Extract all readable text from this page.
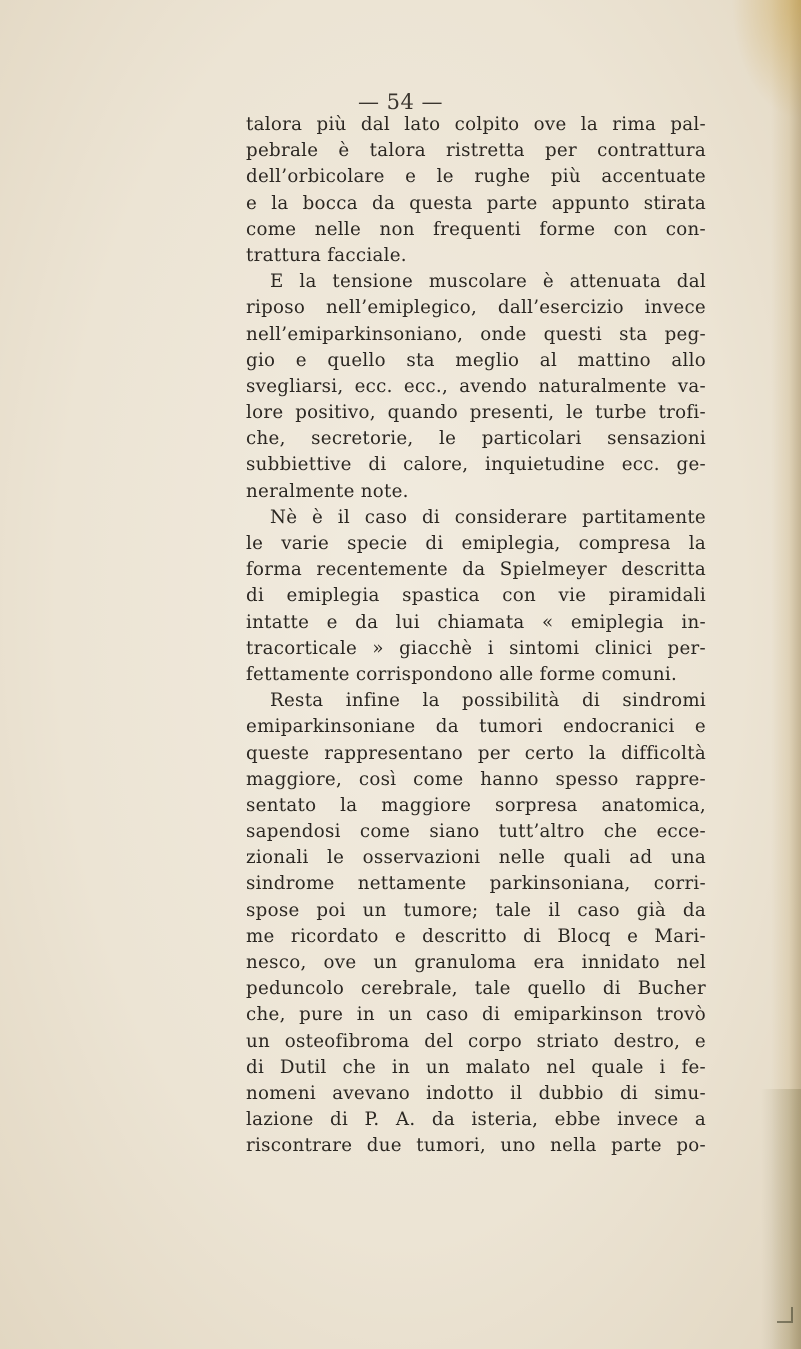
— 54 —
talora più dal lato colpito ove la rima pal-
pebrale è talora ristretta per contrattura
dell’orbicolare e le rughe più accentuate
e la bocca da questa parte appunto stirata
come nelle non frequenti forme con con-
trattura facciale.
E la tensione muscolare è attenuata dal
riposo nell’emiplegico, dall’esercizio invece
nell’emiparkinsoniano, onde questi sta peg-
gio e quello sta meglio al mattino allo
svegliarsi, ecc. ecc., avendo naturalmente va-
lore positivo, quando presenti, le turbe trofi-
che, secretorie, le particolari sensazioni
subbiettive di calore, inquietudine ecc. ge-
neralmente note.
Nè è il caso di considerare partitamente
le varie specie di emiplegia, compresa la
forma recentemente da Spielmeyer descritta
di emiplegia spastica con vie piramidali
intatte e da lui chiamata « emiplegia in-
tracorticale » giacchè i sintomi clinici per-
fettamente corrispondono alle forme comuni.
Resta infine la possibilità di sindromi
emiparkinsoniane da tumori endocranici e
queste rappresentano per certo la difficoltà
maggiore, così come hanno spesso rappre-
sentato la maggiore sorpresa anatomica,
sapendosi come siano tutt’altro che ecce-
zionali le osservazioni nelle quali ad una
sindrome nettamente parkinsoniana, corri-
spose poi un tumore; tale il caso già da
me ricordato e descritto di Blocq e Mari-
nesco, ove un granuloma era innidato nel
peduncolo cerebrale, tale quello di Bucher
che, pure in un caso di emiparkinson trovò
un osteofibroma del corpo striato destro, e
di Dutil che in un malato nel quale i fe-
nomeni avevano indotto il dubbio di simu-
lazione di P. A. da isteria, ebbe invece a
riscontrare due tumori, uno nella parte po-
